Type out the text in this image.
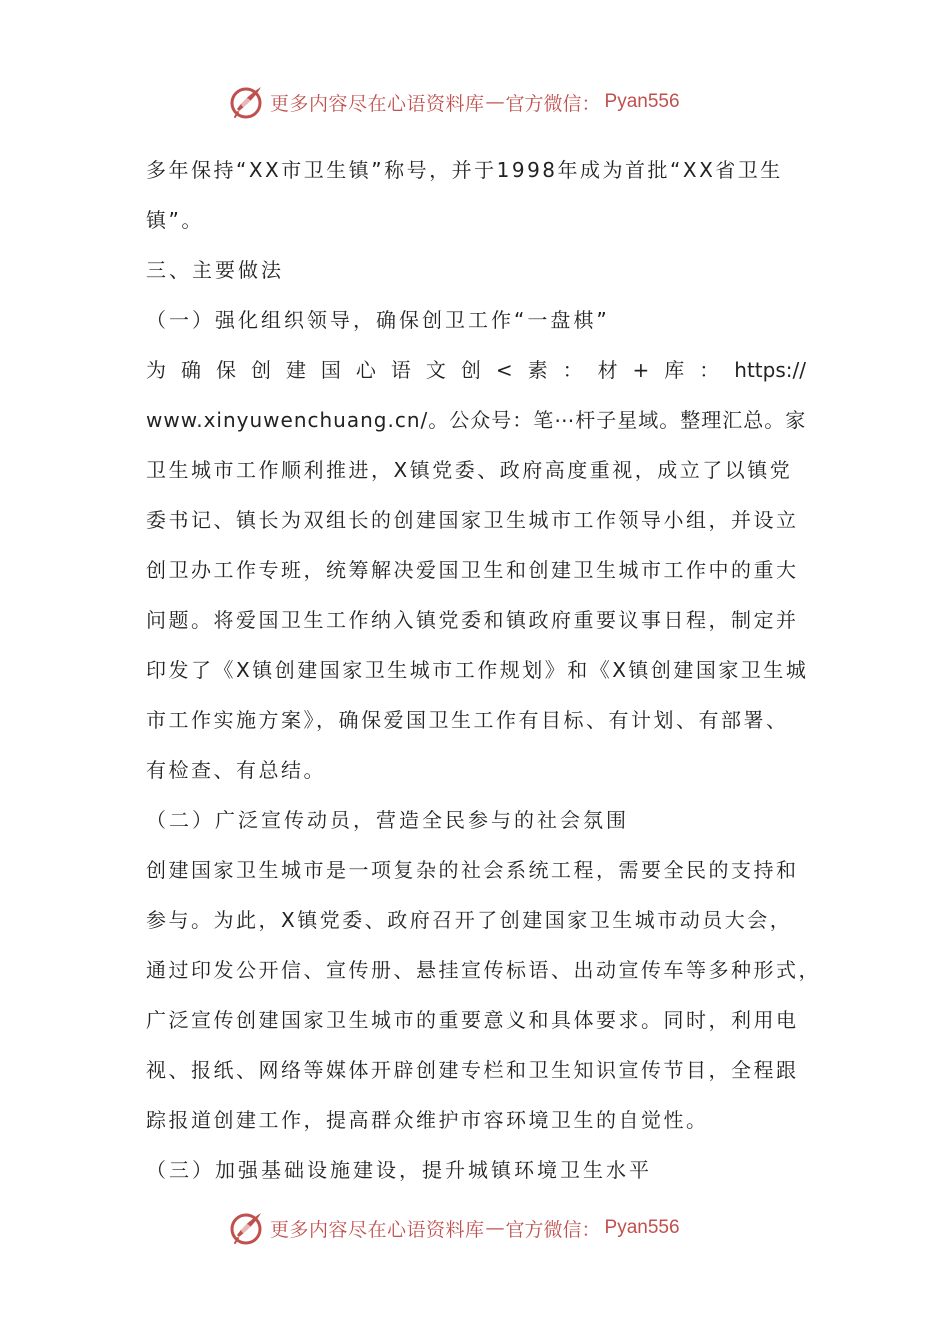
更多内容尽在心语资料库 — 官方微信： Pyan556
多年保持“XX市卫生镇”称号，并于1998年成为首批“XX省卫生
镇”。
三、主要做法
（一）强化组织领导，确保创卫工作“一盘棋”
为 确 保 创 建 国 心 语 文 创 < 素 ： 材 + 库 ： https://
www.xinyuwenchuang.cn/。公众号：笔⋯杆子星域。整理汇总。家
卫生城市工作顺利推进，X镇党委、政府高度重视，成立了以镇党
委书记、镇长为双组长的创建国家卫生城市工作领导小组，并设立
创卫办工作专班，统筹解决爱国卫生和创建卫生城市工作中的重大
问题。将爱国卫生工作纳入镇党委和镇政府重要议事日程，制定并
印发了《X镇创建国家卫生城市工作规划》和《X镇创建国家卫生城
市工作实施方案》，确保爱国卫生工作有目标、有计划、有部署、
有检查、有总结。
（二）广泛宣传动员，营造全民参与的社会氛围
创建国家卫生城市是一项复杂的社会系统工程，需要全民的支持和
参与。为此，X镇党委、政府召开了创建国家卫生城市动员大会，
通过印发公开信、宣传册、悬挂宣传标语、出动宣传车等多种形式，
广泛宣传创建国家卫生城市的重要意义和具体要求。同时，利用电
视、报纸、网络等媒体开辟创建专栏和卫生知识宣传节目，全程跟
踪报道创建工作，提高群众维护市容环境卫生的自觉性。
（三）加强基础设施建设，提升城镇环境卫生水平
更多内容尽在心语资料库 — 官方微信： Pyan556
